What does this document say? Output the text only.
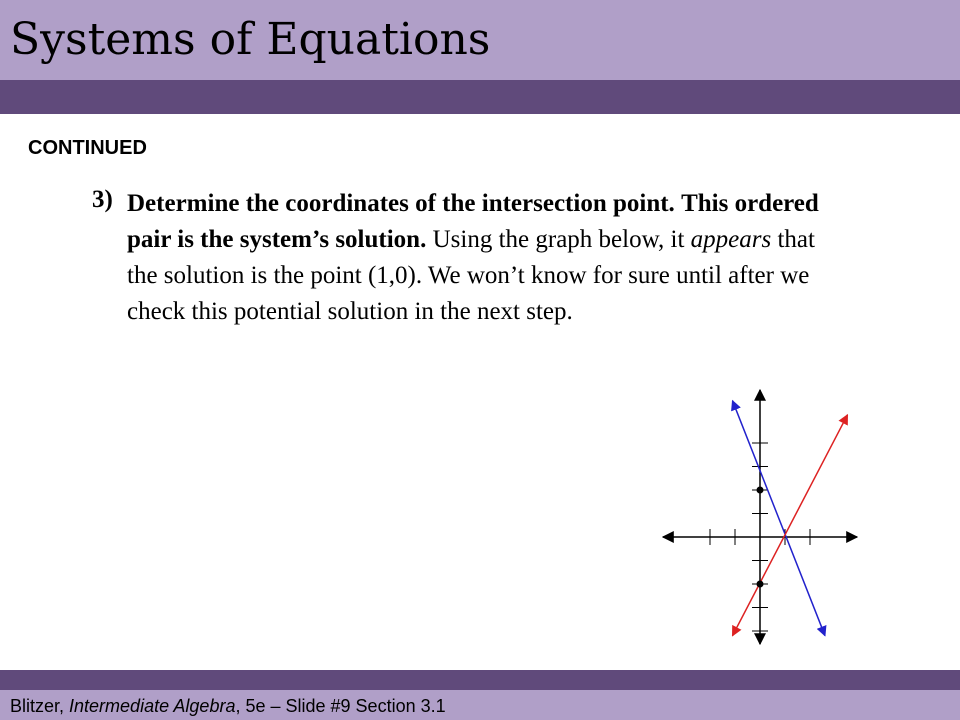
Systems of Equations
CONTINUED
3) Determine the coordinates of the intersection point. This ordered pair is the system’s solution. Using the graph below, it appears that the solution is the point (1,0). We won’t know for sure until after we check this potential solution in the next step.
Blitzer, Intermediate Algebra, 5e – Slide #9 Section 3.1
